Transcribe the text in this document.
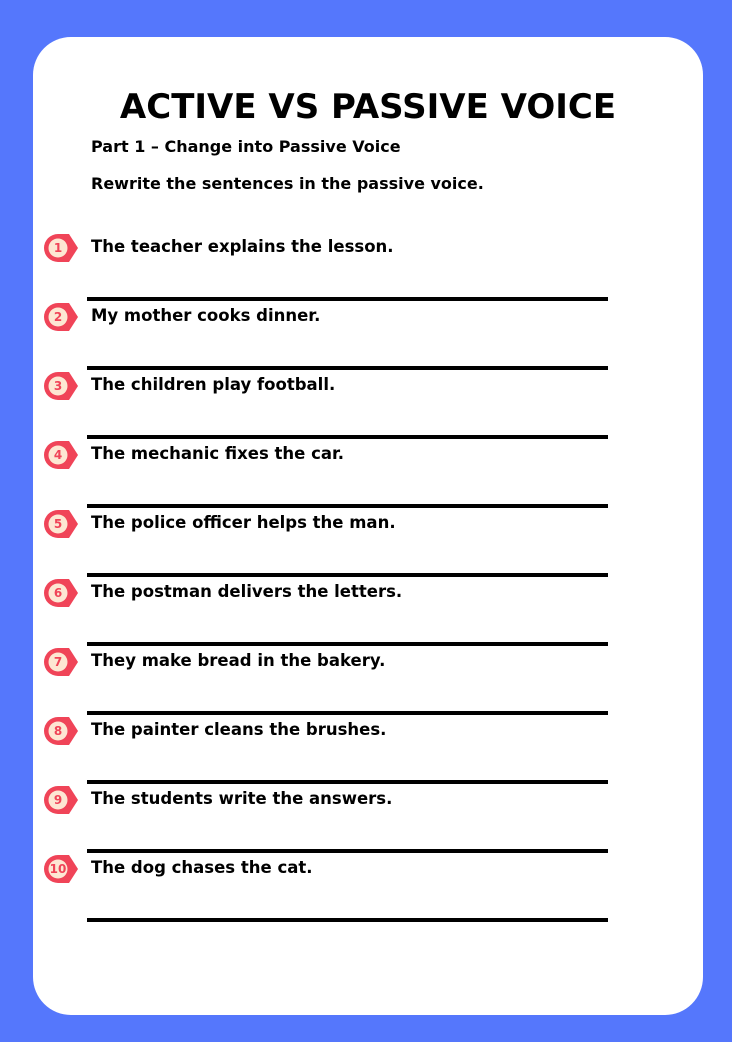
ACTIVE VS PASSIVE VOICE

Part 1 – Change into Passive Voice

Rewrite the sentences in the passive voice.

1	The teacher explains the lesson.
2	My mother cooks dinner.
3	The children play football.
4	The mechanic fixes the car.
5	The police officer helps the man.
6	The postman delivers the letters.
7	They make bread in the bakery.
8	The painter cleans the brushes.
9	The students write the answers.
10 The dog chases the cat.
